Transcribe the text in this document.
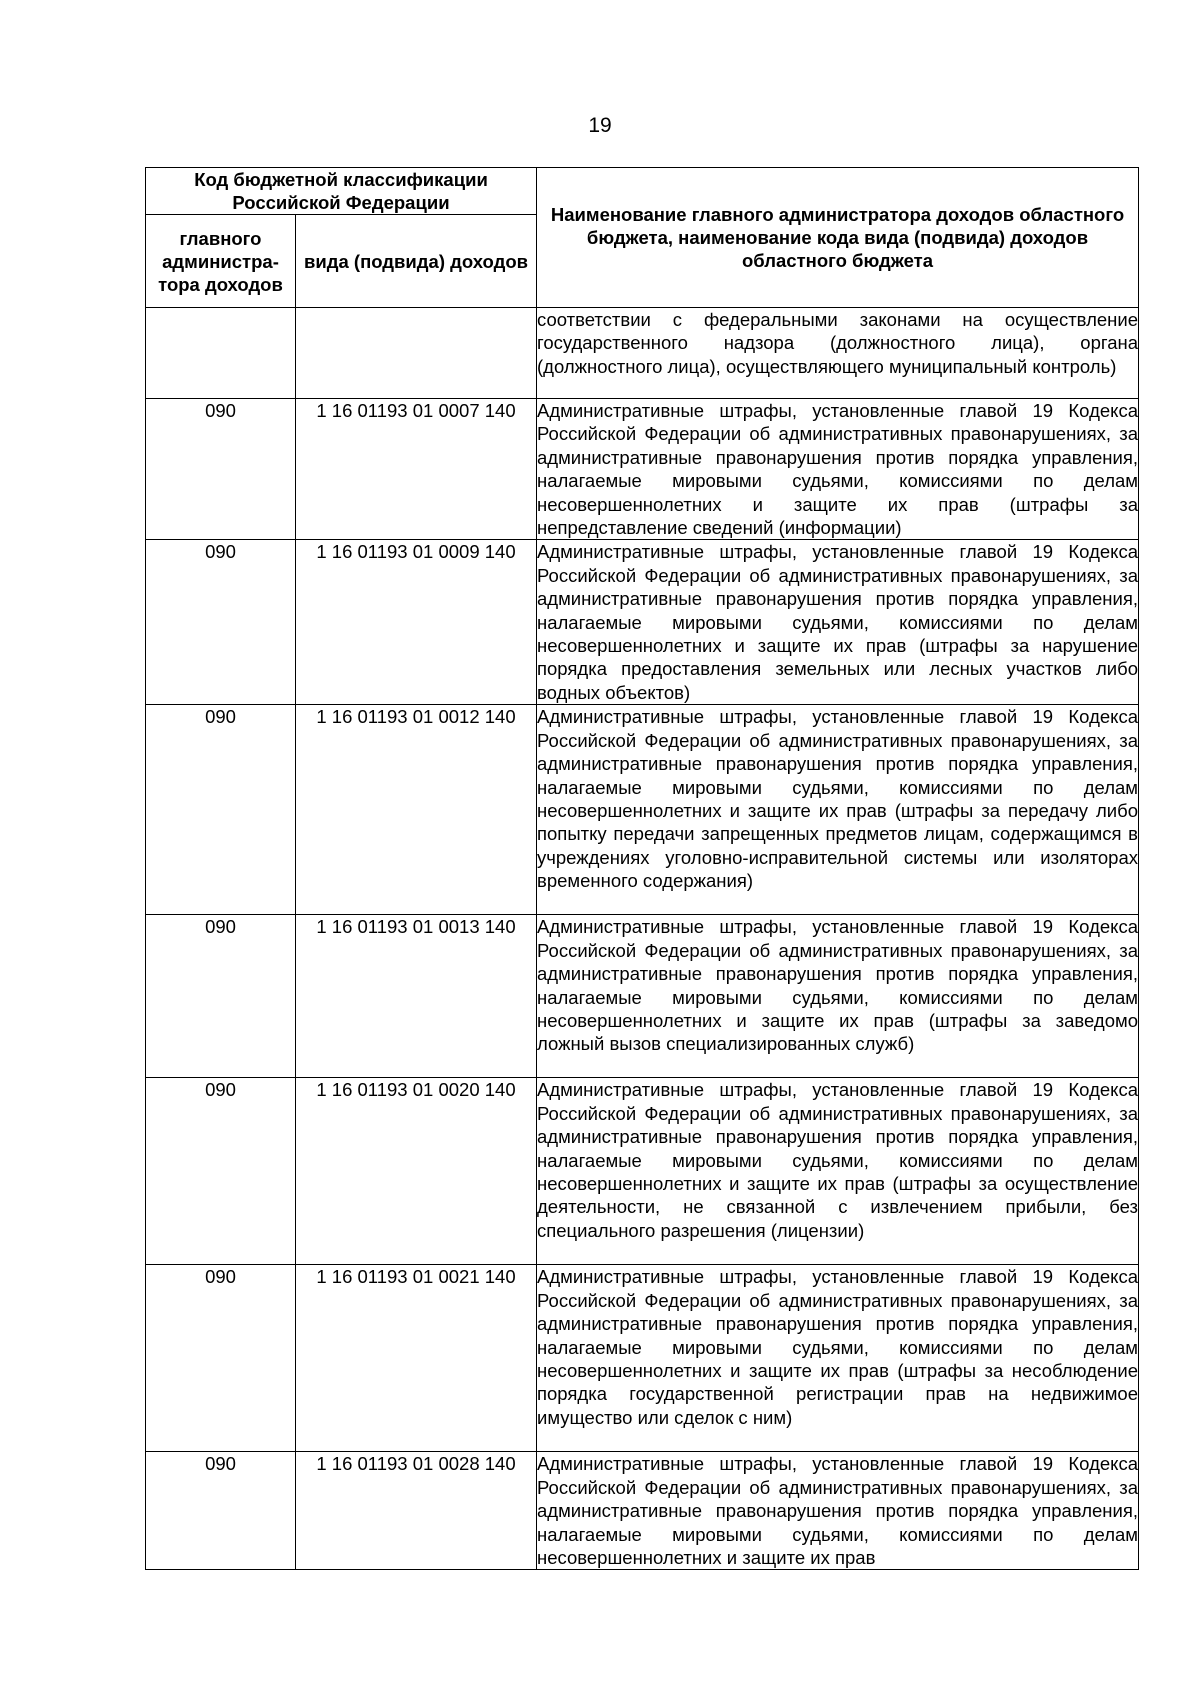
19
Код бюджетной классификации Российской Федерации		Наименование главного администратора доходов областного бюджета, наименование кода вида (подвида) доходов областного бюджета
главного администра-тора доходов	вида (подвида) доходов	
		соответствии с федеральными законами на осуществление государственного надзора (должностного лица), органа (должностного лица), осуществляющего муниципальный контроль)
090	1 16 01193 01 0007 140	Административные штрафы, установленные главой 19 Кодекса Российской Федерации об административных правонарушениях, за административные правонарушения против порядка управления, налагаемые мировыми судьями, комиссиями по делам несовершеннолетних и защите их прав (штрафы за непредставление сведений (информации)
090	1 16 01193 01 0009 140	Административные штрафы, установленные главой 19 Кодекса Российской Федерации об административных правонарушениях, за административные правонарушения против порядка управления, налагаемые мировыми судьями, комиссиями по делам несовершеннолетних и защите их прав (штрафы за нарушение порядка предоставления земельных или лесных участков либо водных объектов)
090	1 16 01193 01 0012 140	Административные штрафы, установленные главой 19 Кодекса Российской Федерации об административных правонарушениях, за административные правонарушения против порядка управления, налагаемые мировыми судьями, комиссиями по делам несовершеннолетних и защите их прав (штрафы за передачу либо попытку передачи запрещенных предметов лицам, содержащимся в учреждениях уголовно-исправительной системы или изоляторах временного содержания)
090	1 16 01193 01 0013 140	Административные штрафы, установленные главой 19 Кодекса Российской Федерации об административных правонарушениях, за административные правонарушения против порядка управления, налагаемые мировыми судьями, комиссиями по делам несовершеннолетних и защите их прав (штрафы за заведомо ложный вызов специализированных служб)
090	1 16 01193 01 0020 140	Административные штрафы, установленные главой 19 Кодекса Российской Федерации об административных правонарушениях, за административные правонарушения против порядка управления, налагаемые мировыми судьями, комиссиями по делам несовершеннолетних и защите их прав (штрафы за осуществление деятельности, не связанной с извлечением прибыли, без специального разрешения (лицензии)
090	1 16 01193 01 0021 140	Административные штрафы, установленные главой 19 Кодекса Российской Федерации об административных правонарушениях, за административные правонарушения против порядка управления, налагаемые мировыми судьями, комиссиями по делам несовершеннолетних и защите их прав (штрафы за несоблюдение порядка государственной регистрации прав на недвижимое имущество или сделок с ним)
090	1 16 01193 01 0028 140	Административные штрафы, установленные главой 19 Кодекса Российской Федерации об административных правонарушениях, за административные правонарушения против порядка управления, налагаемые мировыми судьями, комиссиями по делам несовершеннолетних и защите их прав
